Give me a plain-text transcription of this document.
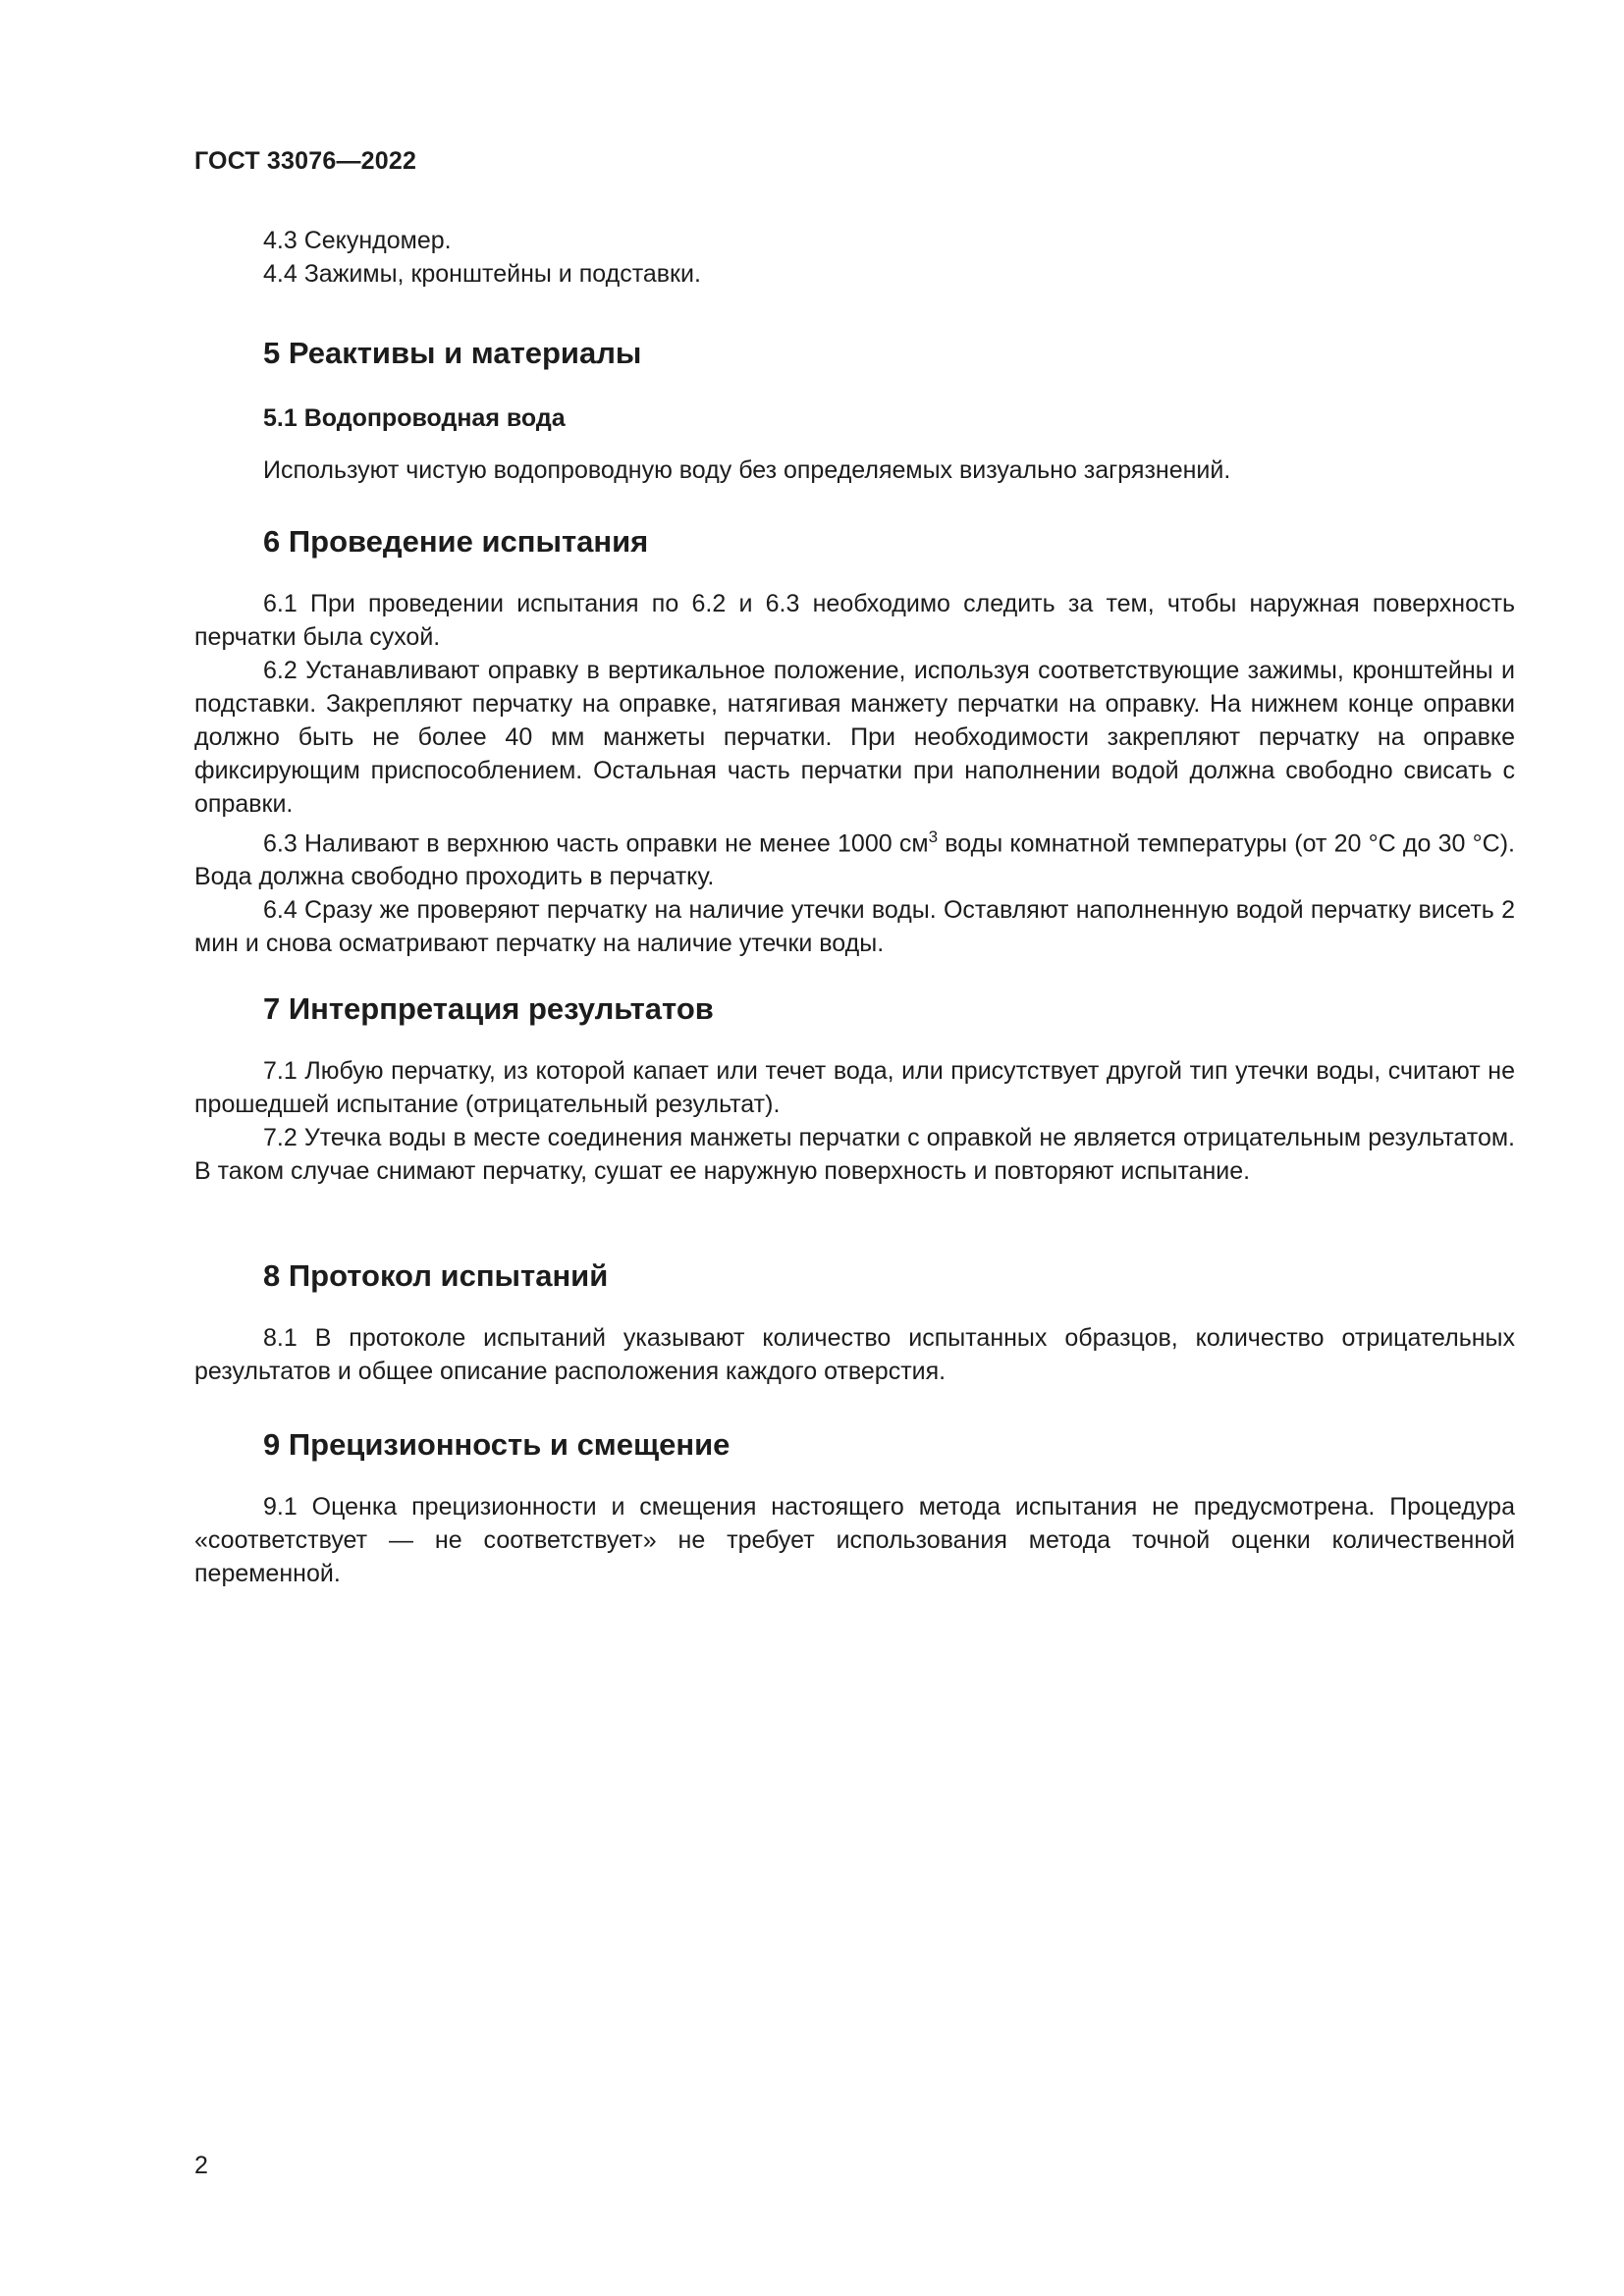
ГОСТ 33076—2022

4.3 Секундомер.

4.4 Зажимы, кронштейны и подставки.

5 Реактивы и материалы
5.1 Водопроводная вода

Используют чистую водопроводную воду без определяемых визуально загрязнений.

6 Проведение испытания

6.1 При проведении испытания по 6.2 и 6.3 необходимо следить за тем, чтобы наружная поверхность перчатки была сухой.

6.2 Устанавливают оправку в вертикальное положение, используя соответствующие зажимы, кронштейны и подставки. Закрепляют перчатку на оправке, натягивая манжету перчатки на оправку. На нижнем конце оправки должно быть не более 40 мм манжеты перчатки. При необходимости закрепляют перчатку на оправке фиксирующим приспособлением. Остальная часть перчатки при наполнении водой должна свободно свисать с оправки.

6.3 Наливают в верхнюю часть оправки не менее 1000 $см^3$ воды комнатной температуры (от 20 °С до 30 °С). Вода должна свободно проходить в перчатку.

6.4 Сразу же проверяют перчатку на наличие утечки воды. Оставляют наполненную водой перчатку висеть 2 мин и снова осматривают перчатку на наличие утечки воды.

7 Интерпретация результатов

7.1 Любую перчатку, из которой капает или течет вода, или присутствует другой тип утечки воды, считают не прошедшей испытание (отрицательный результат).

7.2 Утечка воды в месте соединения манжеты перчатки с оправкой не является отрицательным результатом. В таком случае снимают перчатку, сушат ее наружную поверхность и повторяют испытание.

8 Протокол испытаний

8.1 В протоколе испытаний указывают количество испытанных образцов, количество отрицательных результатов и общее описание расположения каждого отверстия.

9 Прецизионность и смещение

9.1 Оценка прецизионности и смещения настоящего метода испытания не предусмотрена. Процедура «соответствует — не соответствует» не требует использования метода точной оценки количественной переменной.

2
